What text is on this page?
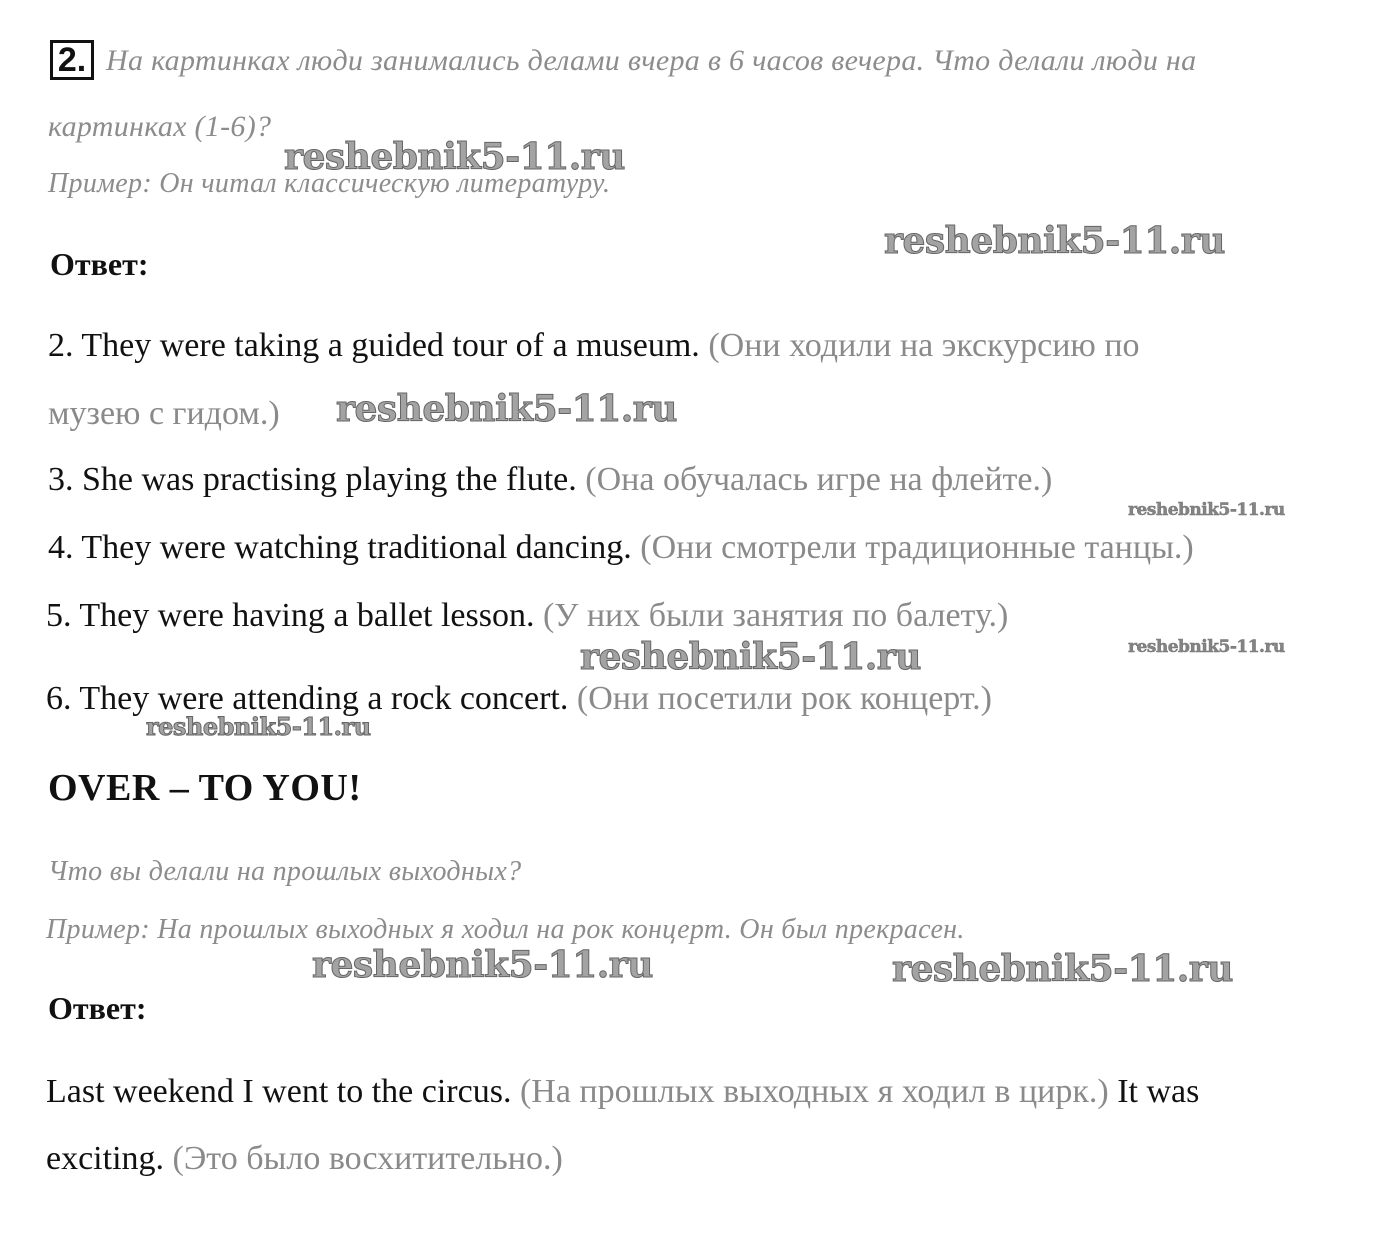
2. На картинках люди занимались делами вчера в 6 часов вечера. Что делали люди на
картинках (1-6)?
Пример: Он читал классическую литературу.
Ответ:
2. They were taking a guided tour of a museum. (Они ходили на экскурсию по
музею с гидом.)
3. She was practising playing the flute. (Она обучалась игре на флейте.)
4. They were watching traditional dancing. (Они смотрели традиционные танцы.)
5. They were having a ballet lesson. (У них были занятия по балету.)
6. They were attending a rock concert. (Они посетили рок концерт.)
OVER – TO YOU!
Что вы делали на прошлых выходных?
Пример: На прошлых выходных я ходил на рок концерт. Он был прекрасен.
Ответ:
Last weekend I went to the circus. (На прошлых выходных я ходил в цирк.) It was
exciting. (Это было восхитительно.)
reshebnik5-11.ru
reshebnik5-11.ru
reshebnik5-11.ru
reshebnik5-11.ru
reshebnik5-11.ru	reshebnik5-11.ru
reshebnik5-11.ru
reshebnik5-11.ru	reshebnik5-11.ru
